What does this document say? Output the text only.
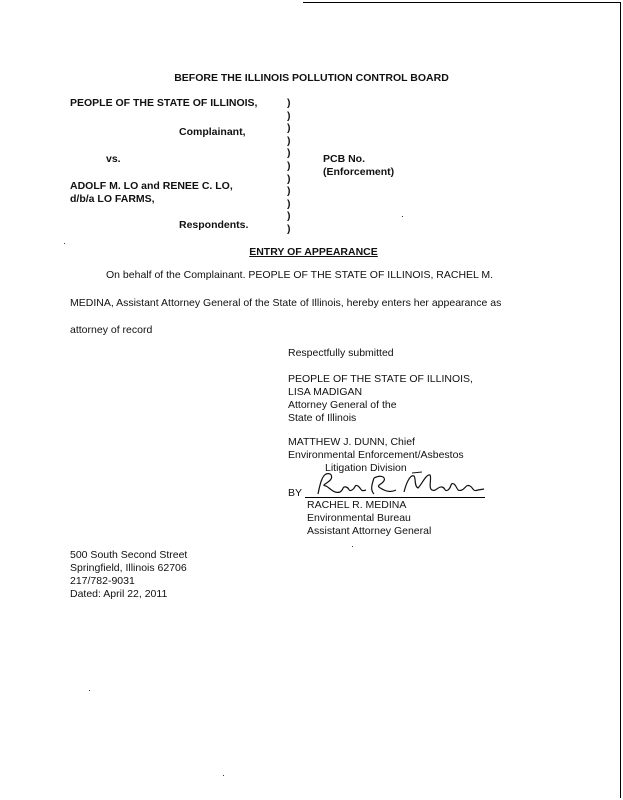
BEFORE THE ILLINOIS POLLUTION CONTROL BOARD
PEOPLE OF THE STATE OF ILLINOIS,
Complainant,
vs.
ADOLF M. LO and RENEE C. LO,
d/b/a LO FARMS,
Respondents.
)
)
)
)
)
)
)
)
)
)
)
PCB No.
(Enforcement)
ENTRY OF APPEARANCE
On behalf of the Complainant. PEOPLE OF THE STATE OF ILLINOIS, RACHEL M.
MEDINA, Assistant Attorney General of the State of Illinois, hereby enters her appearance as
attorney of record
Respectfully submitted
PEOPLE OF THE STATE OF ILLINOIS,
LISA MADIGAN
Attorney General of the
State of Illinois
MATTHEW J. DUNN, Chief
Environmental Enforcement/Asbestos
Litigation Division
BY
RACHEL R. MEDINA
Environmental Bureau
Assistant Attorney General
500 South Second Street
Springfield, Illinois 62706
217/782-9031
Dated: April 22, 2011
